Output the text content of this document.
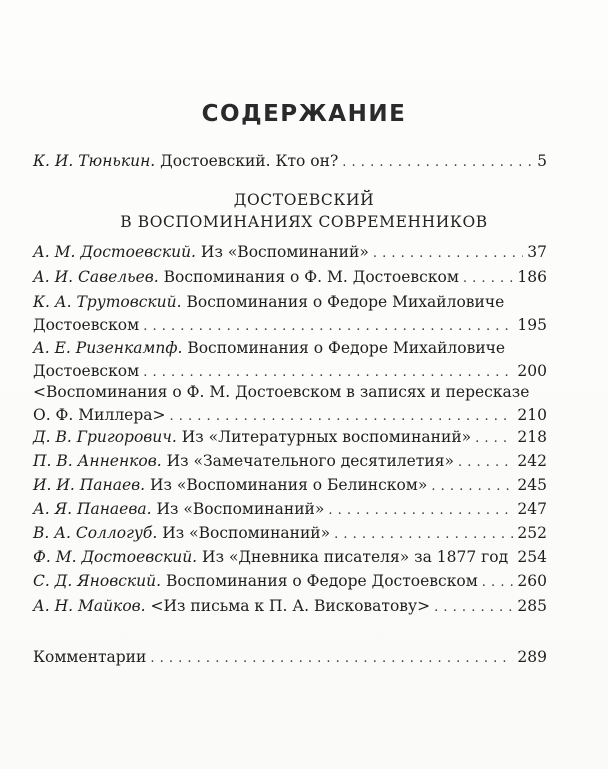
СОДЕРЖАНИЕ
К. И. Тюнькин. Достоевский. Кто он? . . .	5
ДОСТОЕВСКИЙ
В ВОСПОМИНАНИЯХ СОВРЕМЕННИКОВ
А. М. Достоевский. Из «Воспоминаний» . . .	37
А. И. Савельев. Воспоминания о Ф. М. Достоевском . . .	186
К. А. Трутовский. Воспоминания о Федоре Михайловиче
Достоевском . . .	195
А. Е. Ризенкампф. Воспоминания о Федоре Михайловиче
Достоевском . . .	200
<Воспоминания о Ф. М. Достоевском в записях и пересказе
О. Ф. Миллера> . . .	210
Д. В. Григорович. Из «Литературных воспоминаний» . . .	218
П. В. Анненков. Из «Замечательного десятилетия» . . .	242
И. И. Панаев. Из «Воспоминания о Белинском» . . .	245
А. Я. Панаева. Из «Воспоминаний» . . .	247
В. А. Соллогуб. Из «Воспоминаний» . . .	252
Ф. М. Достоевский. Из «Дневника писателя» за 1877 год . . . 254
С. Д. Яновский. Воспоминания о Федоре Достоевском . . .	260
А. Н. Майков. <Из письма к П. А. Висковатову> . . .	285
Комментарии . . .	289
